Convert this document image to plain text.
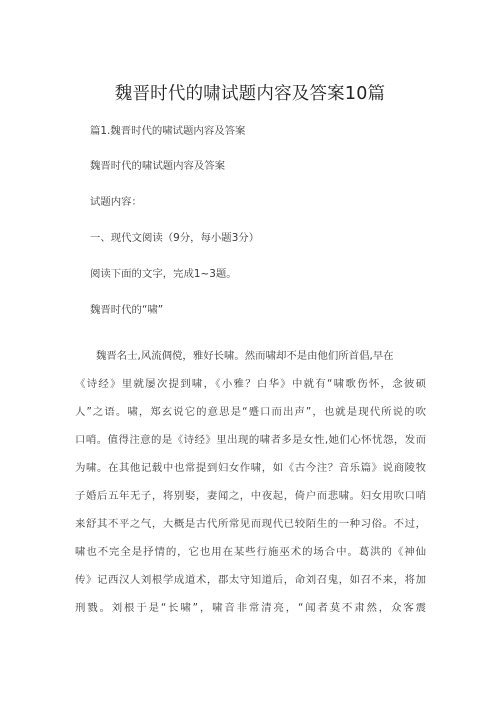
魏晋时代的啸试题内容及答案10篇
篇1.魏晋时代的啸试题内容及答案
魏晋时代的啸试题内容及答案
试题内容：
一、现代文阅读（9分，每小题3分）
阅读下面的文字，完成1~3题。
魏晋时代的“啸”
魏晋名士,风流倜傥，雅好长啸。然而啸却不是由他们所首倡,早在
《诗经》里就屡次提到啸，《小雅？白华》中就有“啸歌伤怀，念彼硕
人”之语。啸，郑玄说它的意思是“蹙口而出声”，也就是现代所说的吹
口哨。值得注意的是《诗经》里出现的啸者多是女性,她们心怀忧怨，发而
为啸。在其他记载中也常提到妇女作啸，如《古今注？音乐篇》说商陵牧
子婚后五年无子，将别娶，妻闻之，中夜起，倚户而悲啸。妇女用吹口哨
来舒其不平之气，大概是古代所常见而现代已较陌生的一种习俗。不过，
啸也不完全是抒情的，它也用在某些行施巫术的场合中。葛洪的《神仙
传》记西汉人刘根学成道术，郡太守知道后，命刘召鬼，如召不来，将加
刑戮。刘根于是“长啸”，啸音非常清亮，“闻者莫不肃然，众客震
